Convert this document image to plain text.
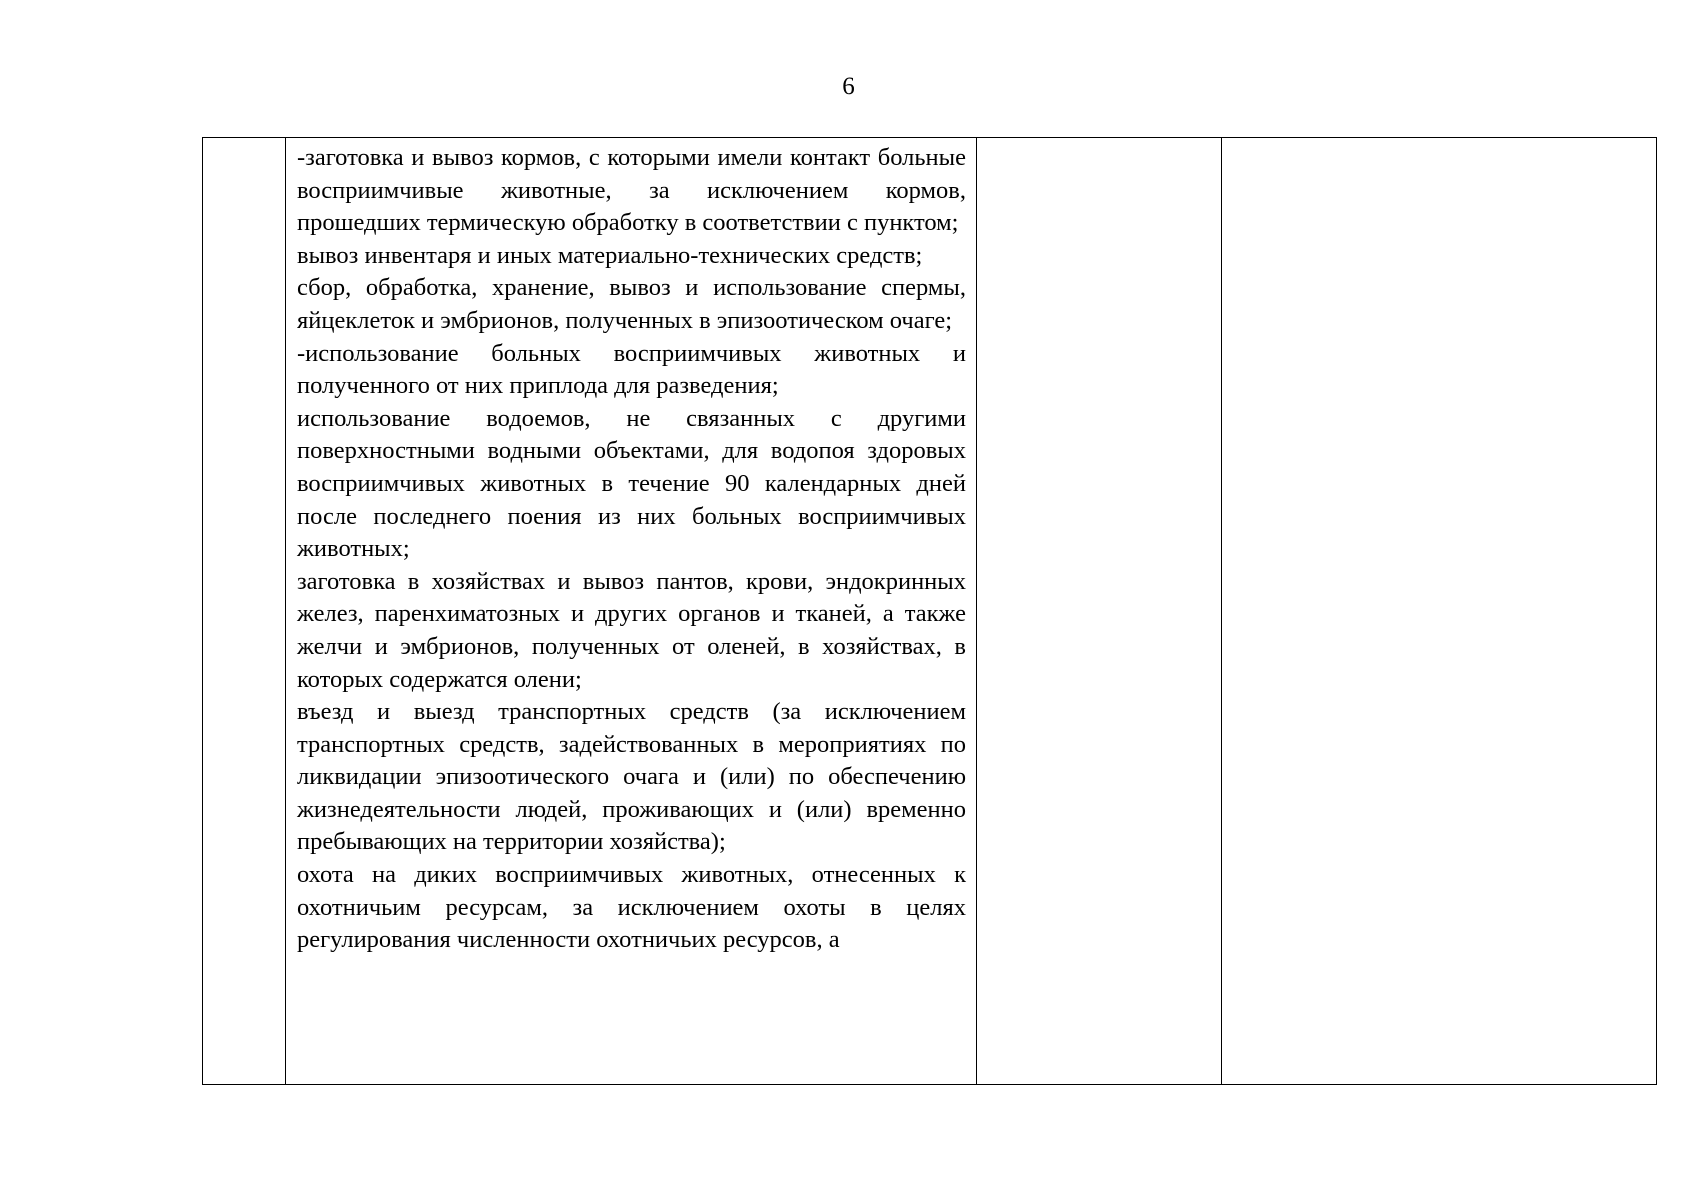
6

-заготовка и вывоз кормов, с которыми имели контакт больные восприимчивые животные, за исключением кормов, прошедших термическую обработку в соответствии с пунктом;

вывоз инвентаря и иных материально-технических средств;

сбор, обработка, хранение, вывоз и использование спермы, яйцеклеток и эмбрионов, полученных в эпизоотическом очаге;

-использование больных восприимчивых животных и полученного от них приплода для разведения;

использование водоемов, не связанных с другими поверхностными водными объектами, для водопоя здоровых восприимчивых животных в течение 90 календарных дней после последнего поения из них больных восприимчивых животных;

заготовка в хозяйствах и вывоз пантов, крови, эндокринных желез, паренхиматозных и других органов и тканей, а также желчи и эмбрионов, полученных от оленей, в хозяйствах, в которых содержатся олени;

въезд и выезд транспортных средств (за исключением транспортных средств, задействованных в мероприятиях по ликвидации эпизоотического очага и (или) по обеспечению жизнедеятельности людей, проживающих и (или) временно пребывающих на территории хозяйства);

охота на диких восприимчивых животных, отнесенных к охотничьим ресурсам, за исключением охоты в целях регулирования численности охотничьих ресурсов, а
